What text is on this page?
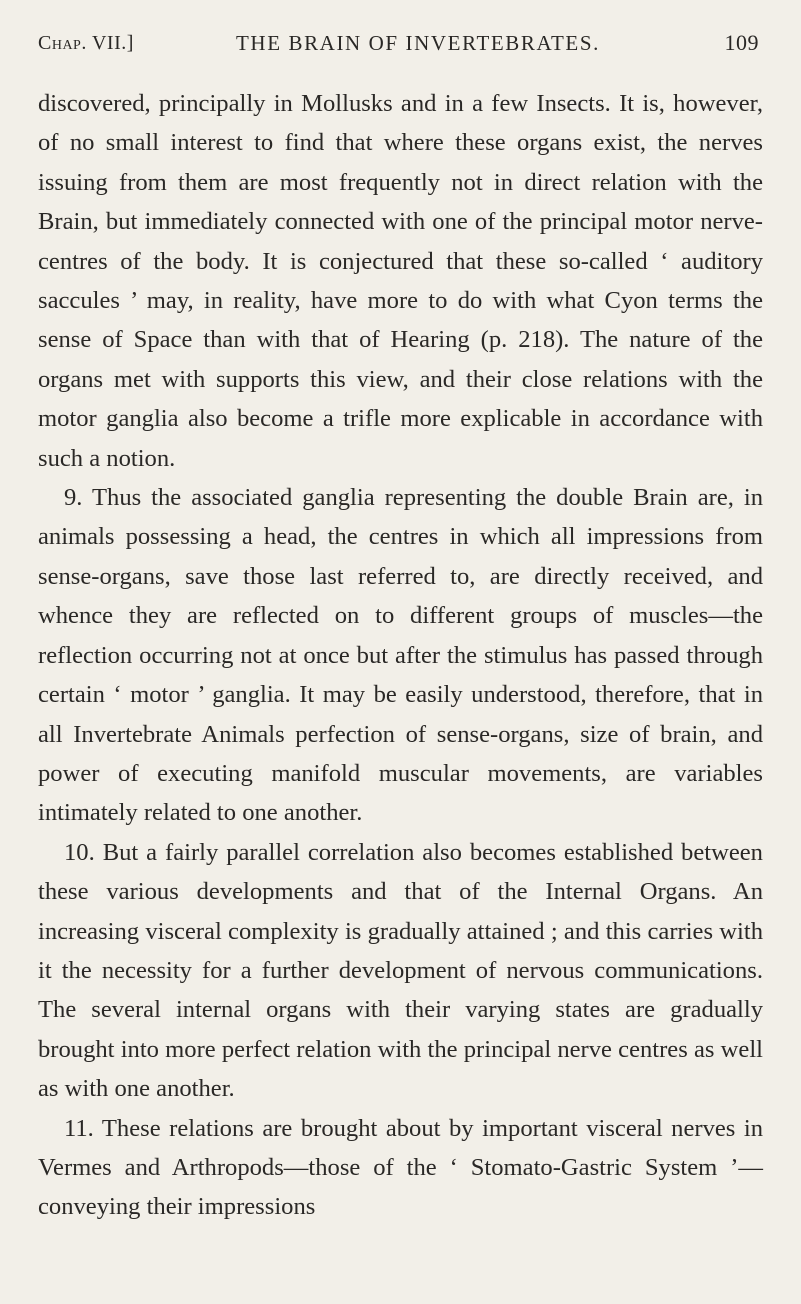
Chap. VII.]	THE BRAIN OF INVERTEBRATES.	109

discovered, principally in Mollusks and in a few Insects. It is, however, of no small interest to find that where these organs exist, the nerves issuing from them are most frequently not in direct relation with the Brain, but immediately connected with one of the principal motor nerve-centres of the body. It is conjectured that these so-called ‘ auditory saccules ’ may, in reality, have more to do with what Cyon terms the sense of Space than with that of Hearing (p. 218). The nature of the organs met with supports this view, and their close relations with the motor ganglia also become a trifle more explicable in accordance with such a notion.

9. Thus the associated ganglia representing the double Brain are, in animals possessing a head, the centres in which all impressions from sense-organs, save those last referred to, are directly received, and whence they are reflected on to different groups of muscles—the reflection occurring not at once but after the stimulus has passed through certain ‘ motor ’ ganglia. It may be easily understood, therefore, that in all Invertebrate Animals perfection of sense-organs, size of brain, and power of executing manifold muscular movements, are variables intimately related to one another.

10. But a fairly parallel correlation also becomes established between these various developments and that of the Internal Organs. An increasing visceral complexity is gradually attained ; and this carries with it the necessity for a further development of nervous communications. The several internal organs with their varying states are gradually brought into more perfect relation with the principal nerve centres as well as with one another.

11. These relations are brought about by important visceral nerves in Vermes and Arthropods—those of the ‘ Stomato-Gastric System ’—conveying their impressions
